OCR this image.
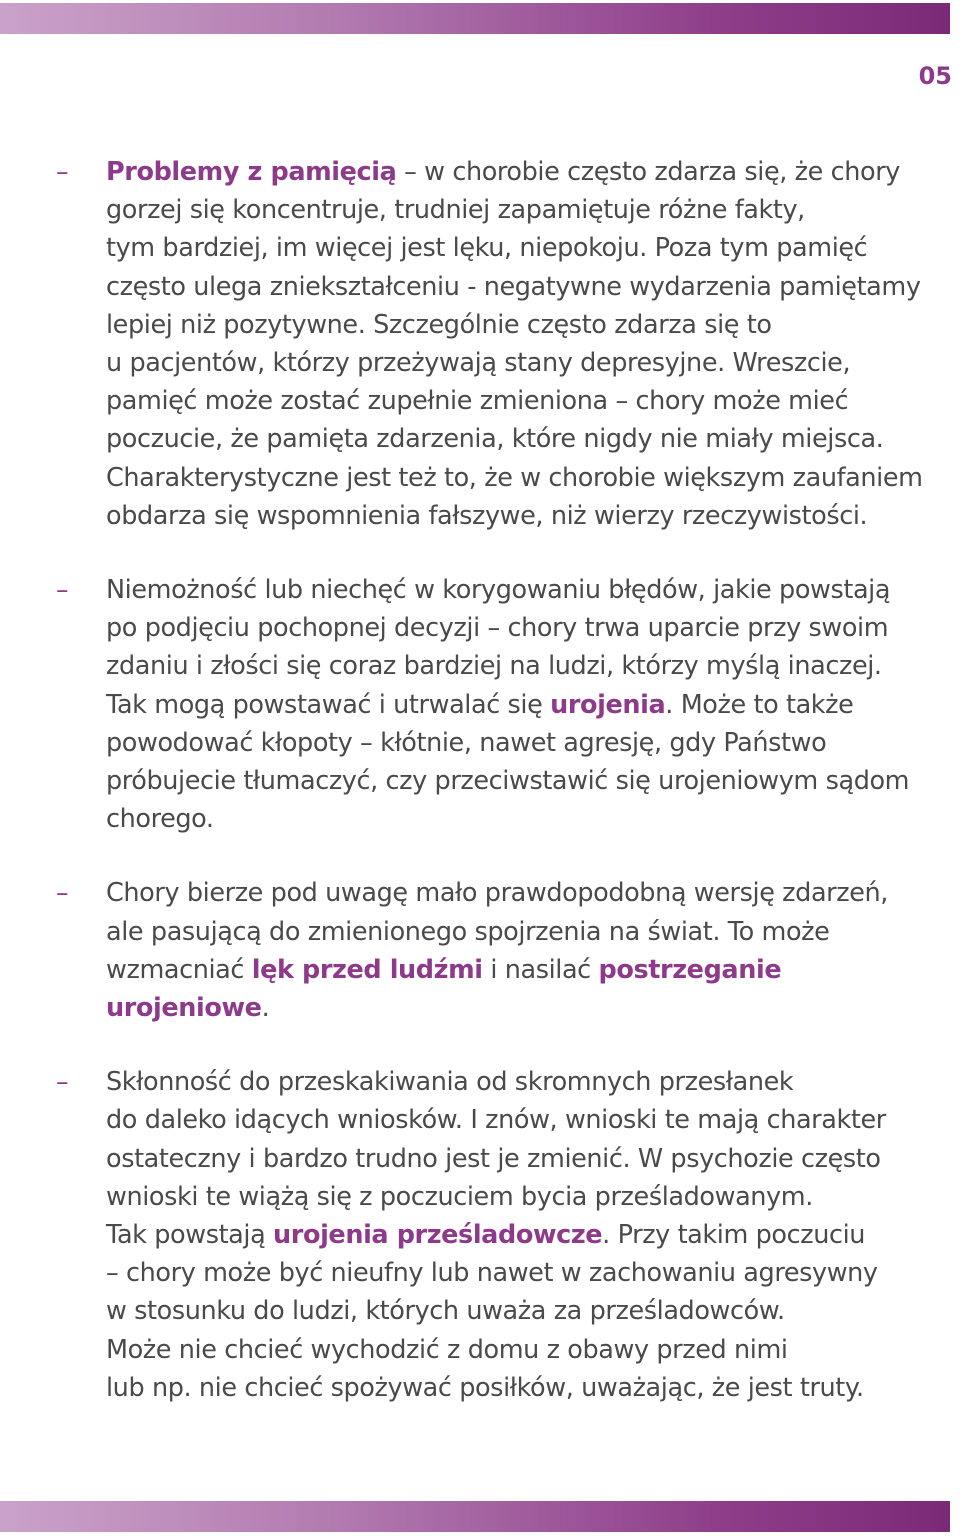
05
– Problemy z pamięcią – w chorobie często zdarza się, że chory
gorzej się koncentruje, trudniej zapamiętuje różne fakty,
tym bardziej, im więcej jest lęku, niepokoju. Poza tym pamięć
często ulega zniekształceniu - negatywne wydarzenia pamiętamy
lepiej niż pozytywne. Szczególnie często zdarza się to
u pacjentów, którzy przeżywają stany depresyjne. Wreszcie,
pamięć może zostać zupełnie zmieniona – chory może mieć
poczucie, że pamięta zdarzenia, które nigdy nie miały miejsca.
Charakterystyczne jest też to, że w chorobie większym zaufaniem
obdarza się wspomnienia fałszywe, niż wierzy rzeczywistości.

– Niemożność lub niechęć w korygowaniu błędów, jakie powstają
po podjęciu pochopnej decyzji – chory trwa uparcie przy swoim
zdaniu i złości się coraz bardziej na ludzi, którzy myślą inaczej.
Tak mogą powstawać i utrwalać się urojenia. Może to także
powodować kłopoty – kłótnie, nawet agresję, gdy Państwo
próbujecie tłumaczyć, czy przeciwstawić się urojeniowym sądom
chorego.

– Chory bierze pod uwagę mało prawdopodobną wersję zdarzeń,
ale pasującą do zmienionego spojrzenia na świat. To może
wzmacniać lęk przed ludźmi i nasilać postrzeganie
urojeniowe.

– Skłonność do przeskakiwania od skromnych przesłanek
do daleko idących wniosków. I znów, wnioski te mają charakter
ostateczny i bardzo trudno jest je zmienić. W psychozie często
wnioski te wiążą się z poczuciem bycia prześladowanym.
Tak powstają urojenia prześladowcze. Przy takim poczuciu
– chory może być nieufny lub nawet w zachowaniu agresywny
w stosunku do ludzi, których uważa za prześladowców.
Może nie chcieć wychodzić z domu z obawy przed nimi
lub np. nie chcieć spożywać posiłków, uważając, że jest truty.
